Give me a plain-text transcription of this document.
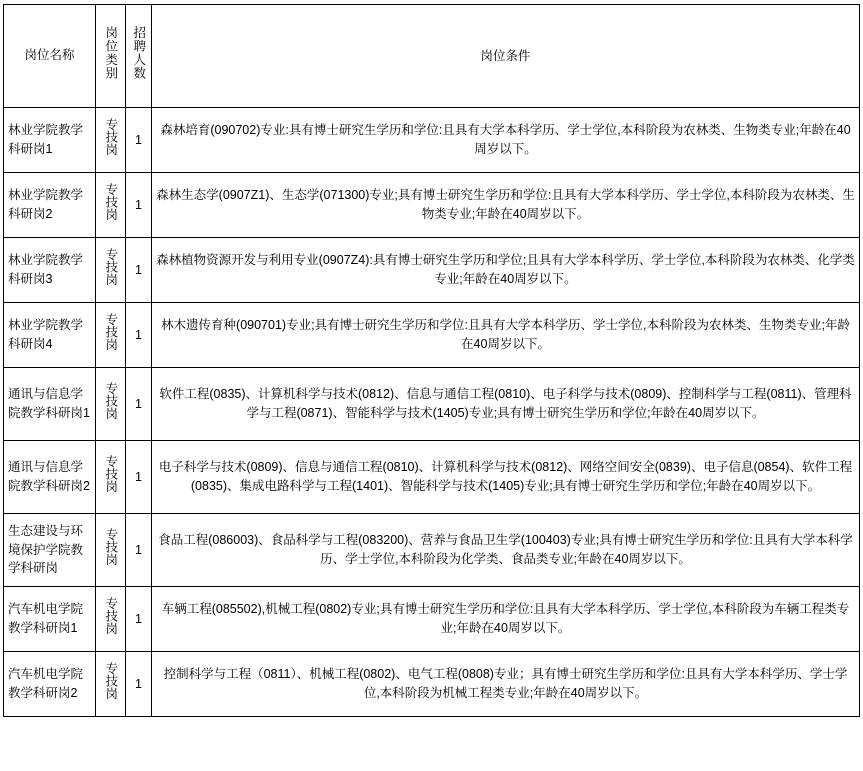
岗位名称	岗位类别	招聘人数	岗位条件
林业学院教学科研岗1	专技岗	1	森林培育(090702)专业:具有博士研究生学历和学位:且具有大学本科学历、学士学位,本科阶段为农林类、生物类专业;年龄在40周岁以下。
林业学院教学科研岗2	专技岗	1	森林生态学(0907Z1)、生态学(071300)专业;具有博士研究生学历和学位:且具有大学本科学历、学士学位,本科阶段为农林类、生物类专业;年龄在40周岁以下。
林业学院教学科研岗3	专技岗	1	森林植物资源开发与利用专业(0907Z4):具有博士研究生学历和学位;且具有大学本科学历、学士学位,本科阶段为农林类、化学类专业;年龄在40周岁以下。
林业学院教学科研岗4	专技岗	1	林木遗传育种(090701)专业;具有博士研究生学历和学位:且具有大学本科学历、学士学位,本科阶段为农林类、生物类专业;年龄在40周岁以下。
通讯与信息学院教学科研岗1	专技岗	1	软件工程(0835)、计算机科学与技术(0812)、信息与通信工程(0810)、电子科学与技术(0809)、控制科学与工程(0811)、管理科学与工程(0871)、智能科学与技术(1405)专业;具有博士研究生学历和学位;年龄在40周岁以下。
通讯与信息学院教学科研岗2	专技岗	1	电子科学与技术(0809)、信息与通信工程(0810)、计算机科学与技术(0812)、网络空间安全(0839)、电子信息(0854)、软件工程(0835)、集成电路科学与工程(1401)、智能科学与技术(1405)专业;具有博士研究生学历和学位;年龄在40周岁以下。
生态建设与环境保护学院教学科研岗	专技岗	1	食品工程(086003)、食品科学与工程(083200)、营养与食品卫生学(100403)专业;具有博士研究生学历和学位:且具有大学本科学历、学士学位,本科阶段为化学类、食品类专业;年龄在40周岁以下。
汽车机电学院教学科研岗1	专技岗	1	车辆工程(085502),机械工程(0802)专业;具有博士研究生学历和学位:且具有大学本科学历、学士学位,本科阶段为车辆工程类专业;年龄在40周岁以下。
汽车机电学院教学科研岗2	专技岗	1	控制科学与工程（0811）、机械工程(0802)、电气工程(0808)专业；具有博士研究生学历和学位:且具有大学本科学历、学士学位,本科阶段为机械工程类专业;年龄在40周岁以下。
